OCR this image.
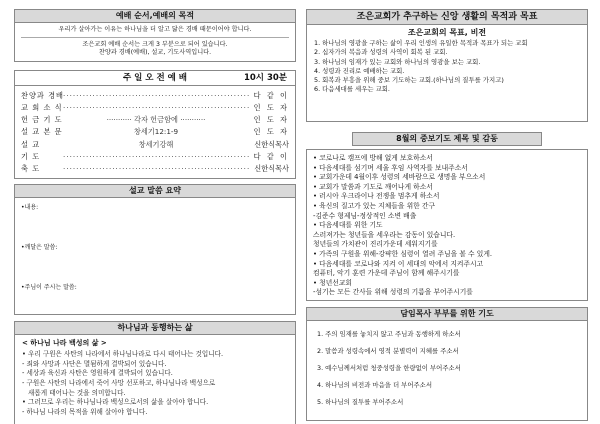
예배 순서,예배의 목적
우리가 살아가는 이유는 하나님을 더 알고 닮은 경배 때문이어야 합니다.
조은교회 예배 순서는 크게 3 부분으로 되어 있습니다.
찬양과 경배(예배), 설교, 기도사역입니다.
주 일 오 전 예 배	10시 30분
찬양과 경배 ·····	다 같 이
교 회 소 식 ·····	인 도 자
헌 금 기 도	··········· 각자 헌금함에 ···········	인 도 자
설 교 본 문	창세기12:1-9	인 도 자
설 교	창세기강해	신한식목사
기 도 ·····	다 같 이
축 도 ·····	신한식목사
설교 말씀 요약
•내용:
•깨달은 말씀:
•주님이 주시는 말씀:
하나님과 동행하는 삶
< 하나님 나라 백성의 삶 >
• 우리 구원은 사탄의 나라에서 하나님나라로 다시 태어나는 것입니다.
- 죄와 사망과 사단은 멸됨하게 결박되어 있습니다.
- 세상과 육신과 사탄은 영원하게 결박되어 있습니다.
- 구원은 사탄의 나라에서 죽어 사망 선포하고, 하나님나라 백성으로
새롭게 태어나는 것을 의미합니다.
• 그러므로 우리는 하나님나라 백성으로서의 삶을 살아야 합니다.
- 하나님 나라의 목적을 위해 살아야 합니다.
조은교회가 추구하는 신앙 생활의 목적과 목표
조은교회의 목표, 비전
1. 하나님의 영광을 구하는 삶이 우리 인생의 유일한 목적과 목표가 되는 교회
2. 십자가의 복음과 성령의 사역이 회복 된 교회.
3. 하나님의 임재가 있는 교회와 하나님의 영광을 보는 교회.
4. 성령과 진리로 예배하는 교회.
5. 회복과 부흥을 위해 중보 기도하는 교회.(하나님의 질투를 가지고)
6. 다음세대를 세우는 교회.
8월의 중보기도 제목 및 감동
• 코로나로 캠프에 방해 없게 보호하소서
• 다음세대를 섬기며 세울 후임 사역자를 보내주소서
• 교회가운데 4월이후 성령의 세바람으로 생명을 부으소서
• 교회가 말씀과 기도로 깨어나게 하소서
• 러시아 우크라이나 전쟁을 멈추게 하소서
• 육신의 질고가 있는 지체들을 위한 간구
-김준수 형제님-정상적인 소변 배출
• 다음세대를 위한 기도
스러져가는 청년들을 세우라는 감동이 있습니다.
청년들의 가치관이 진리가운데 세워지기를
• 가족의 구원을 위해-강퍅한 심령이 열려 주님을 볼 수 있게.
• 다음세대를 코로나와 지켜 이 세대의 악에서 지켜주시고
컴퓨터, 악기 훈련 가운데 주님이 함께 해주시기를
• 청년선교회
-섬기는 모든 간사들 위해 성령의 기름을 부어주시기를
담임목사 부부를 위한 기도
1. 주의 임재를 놓치지 않고 주님과 동행하게 하소서
2. 말씀과 성령속에서 영적 분별력이 지혜를 주소서
3. 예수님께서처럼 청중성령을 한량없이 부어주소서
4. 하나님의 비전과 마음을 더 부어주소서
5. 하나님의 질투를 부어주소서
